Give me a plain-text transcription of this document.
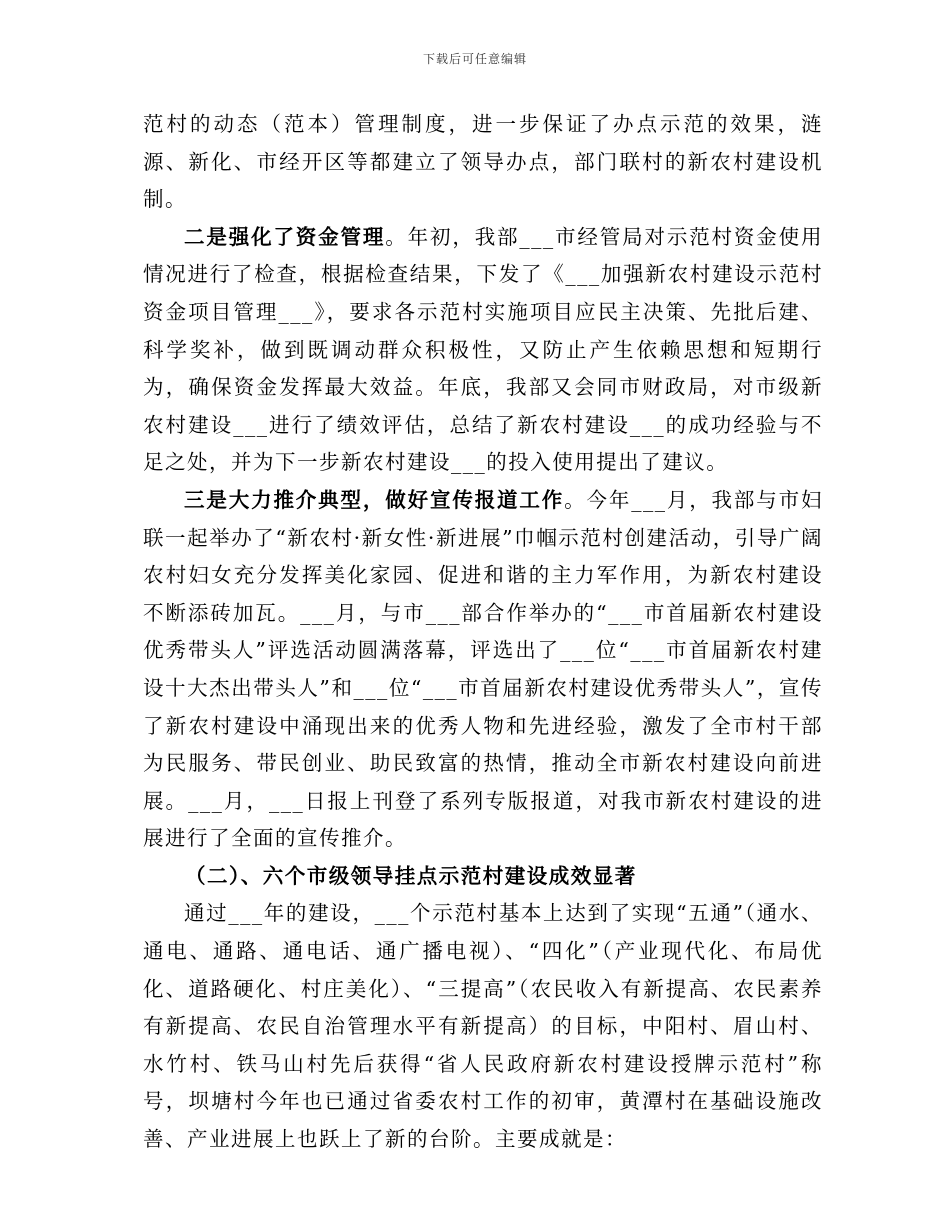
下载后可任意编辑

范村的动态（范本）管理制度，进一步保证了办点示范的效果，涟源、新化、市经开区等都建立了领导办点，部门联村的新农村建设机制。

二是强化了资金管理。年初，我部___市经管局对示范村资金使用情况进行了检查，根据检查结果，下发了《___加强新农村建设示范村资金项目管理___》，要求各示范村实施项目应民主决策、先批后建、科学奖补，做到既调动群众积极性，又防止产生依赖思想和短期行为，确保资金发挥最大效益。年底，我部又会同市财政局，对市级新农村建设___进行了绩效评估，总结了新农村建设___的成功经验与不足之处，并为下一步新农村建设___的投入使用提出了建议。

三是大力推介典型，做好宣传报道工作。今年___月，我部与市妇联一起举办了“新农村·新女性·新进展”巾帼示范村创建活动，引导广阔农村妇女充分发挥美化家园、促进和谐的主力军作用，为新农村建设不断添砖加瓦。___月，与市___部合作举办的“___市首届新农村建设优秀带头人”评选活动圆满落幕，评选出了___位“___市首届新农村建设十大杰出带头人”和___位“___市首届新农村建设优秀带头人”，宣传了新农村建设中涌现出来的优秀人物和先进经验，激发了全市村干部为民服务、带民创业、助民致富的热情，推动全市新农村建设向前进展。___月，___日报上刊登了系列专版报道，对我市新农村建设的进展进行了全面的宣传推介。

（二）、六个市级领导挂点示范村建设成效显著

通过___年的建设，___个示范村基本上达到了实现“五通”（通水、通电、通路、通电话、通广播电视）、“四化”（产业现代化、布局优化、道路硬化、村庄美化）、“三提高”（农民收入有新提高、农民素养有新提高、农民自治管理水平有新提高）的目标，中阳村、眉山村、水竹村、铁马山村先后获得“省人民政府新农村建设授牌示范村”称号，坝塘村今年也已通过省委农村工作的初审，黄潭村在基础设施改善、产业进展上也跃上了新的台阶。主要成就是：
